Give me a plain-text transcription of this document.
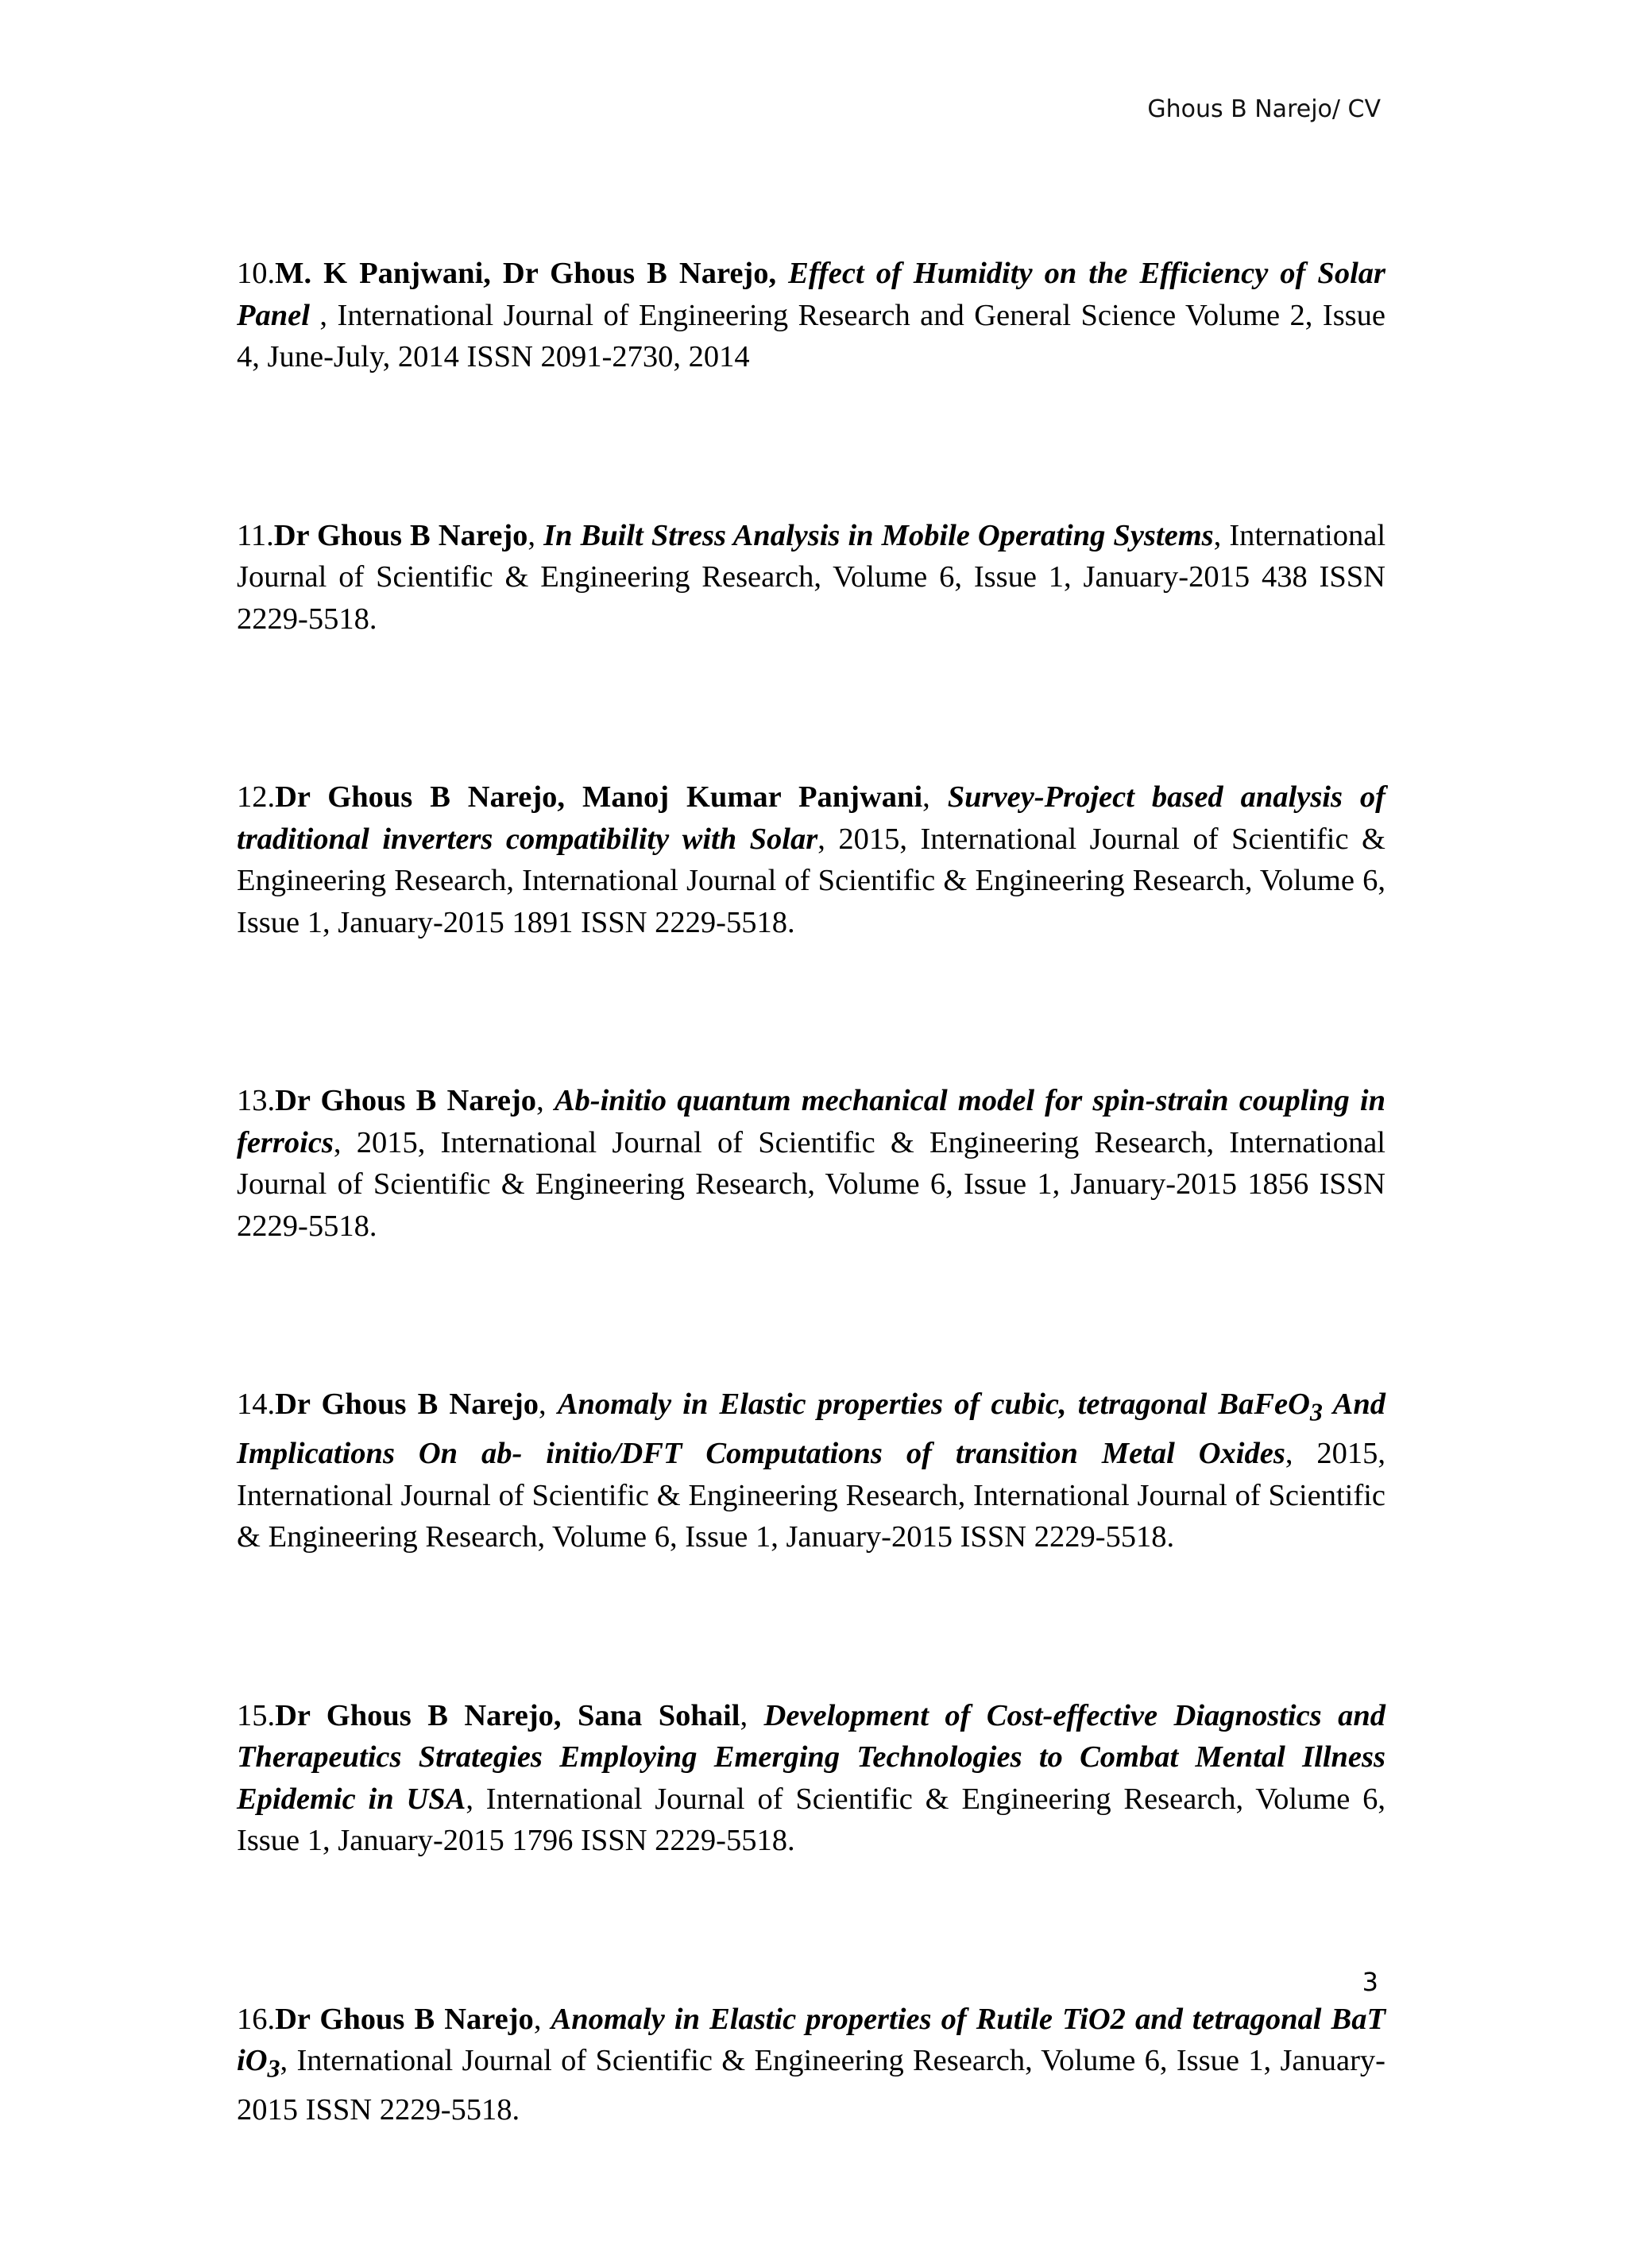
Ghous B Narejo/ CV

10.M. K Panjwani, Dr Ghous B Narejo, Effect of Humidity on the Efficiency of Solar Panel , International Journal of Engineering Research and General Science Volume 2, Issue 4, June-July, 2014 ISSN 2091-2730, 2014

11.Dr Ghous B Narejo, In Built Stress Analysis in Mobile Operating Systems, International Journal of Scientific & Engineering Research, Volume 6, Issue 1, January-2015 438 ISSN 2229-5518.

12.Dr Ghous B Narejo, Manoj Kumar Panjwani, Survey-Project based analysis of traditional inverters compatibility with Solar, 2015, International Journal of Scientific & Engineering Research, International Journal of Scientific & Engineering Research, Volume 6, Issue 1, January-2015 1891 ISSN 2229-5518.

13.Dr Ghous B Narejo, Ab-initio quantum mechanical model for spin-strain coupling in ferroics, 2015, International Journal of Scientific & Engineering Research, International Journal of Scientific & Engineering Research, Volume 6, Issue 1, January-2015 1856 ISSN 2229-5518.

14.Dr Ghous B Narejo, Anomaly in Elastic properties of cubic, tetragonal BaFeO$_3$ And Implications On ab- initio/DFT Computations of transition Metal Oxides, 2015, International Journal of Scientific & Engineering Research, International Journal of Scientific & Engineering Research, Volume 6, Issue 1, January-2015 ISSN 2229-5518.

15.Dr Ghous B Narejo, Sana Sohail, Development of Cost-effective Diagnostics and Therapeutics Strategies Employing Emerging Technologies to Combat Mental Illness Epidemic in USA, International Journal of Scientific & Engineering Research, Volume 6, Issue 1, January-2015 1796 ISSN 2229-5518.

16.Dr Ghous B Narejo, Anomaly in Elastic properties of Rutile TiO2 and tetragonal BaT $iO_3$, International Journal of Scientific & Engineering Research, Volume 6, Issue 1, January-2015 ISSN 2229-5518.

3
